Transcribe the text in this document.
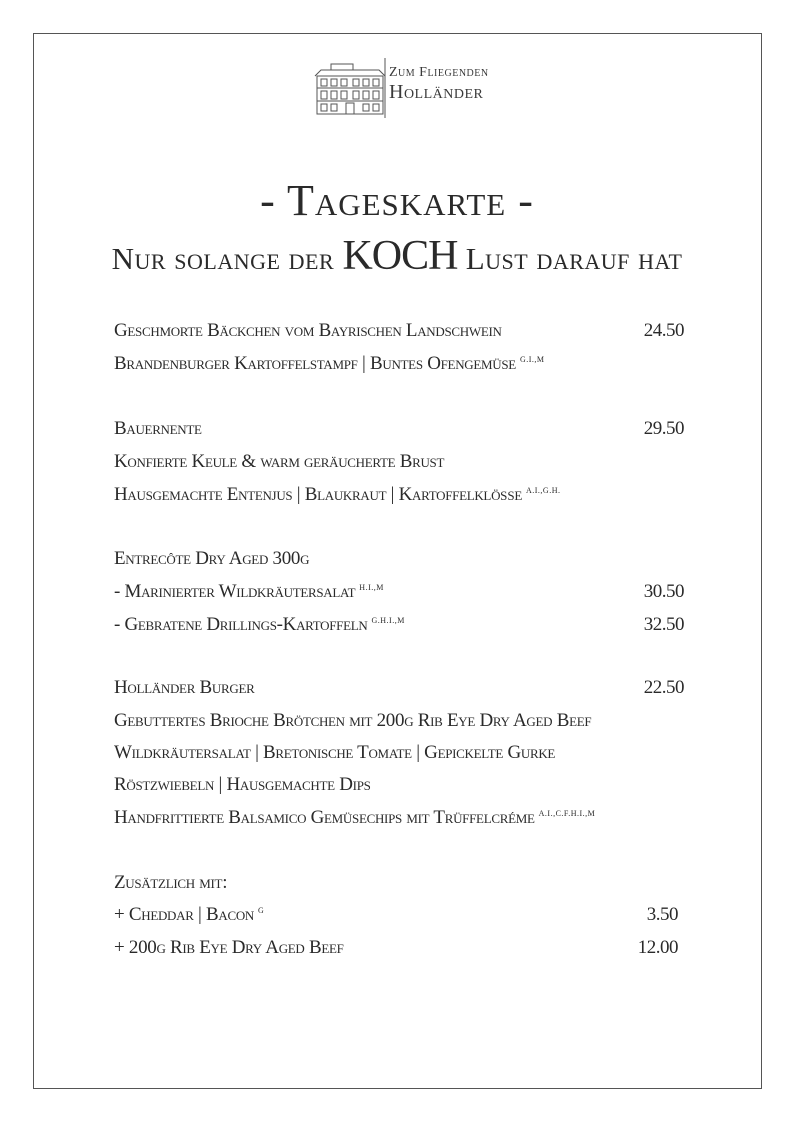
Zum Fliegenden
Holländer
- Tageskarte -
Nur solange der KOCH Lust darauf hat
Geschmorte Bäckchen vom Bayrischen Landschwein	24.50
Brandenburger Kartoffelstampf | Buntes Ofengemüse $^{G.I.,M}$
Bauernente	29.50
Konfierte Keule & warm geräucherte Brust
Hausgemachte Entenjus | Blaukraut | Kartoffelklöße $^{A.I.,G.H.}$
Entrecôte Dry Aged 300g
- Marinierter Wildkräutersalat $^{H.I.,M}$	30.50
- Gebratene Drillings-Kartoffeln $^{G.H.I.,M}$	32.50
Holländer Burger	22.50
Gebuttertes Brioche Brötchen mit 200g Rib Eye Dry Aged Beef
Wildkräutersalat | Bretonische Tomate | Gepickelte Gurke
Röstzwiebeln | Hausgemachte Dips
Handfrittierte Balsamico Gemüsechips mit Trüffelcréme $^{A.I.,C.F.H.I.,M}$
Zusätzlich mit:
+ Cheddar | Bacon $^G$	3.50
+ 200g Rib Eye Dry Aged Beef	12.00
